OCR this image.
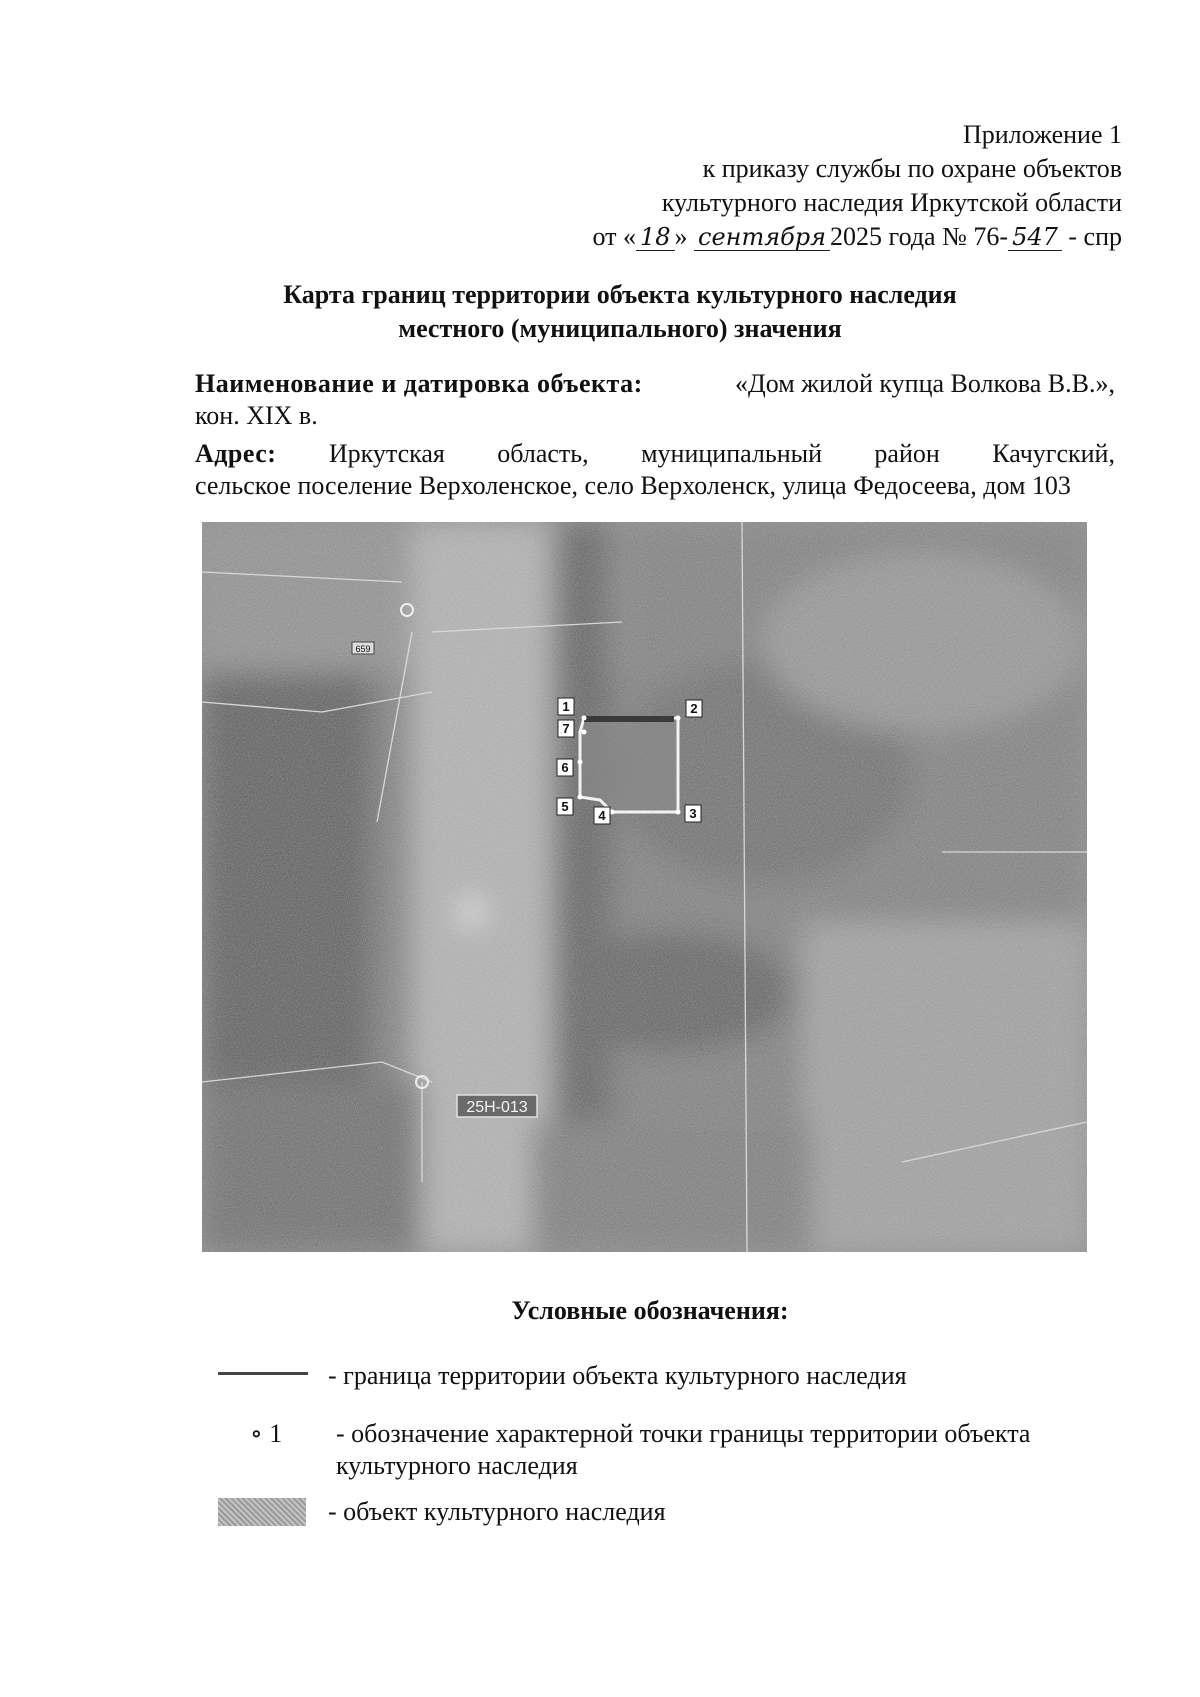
Приложение 1
к приказу службы по охране объектов
культурного наследия Иркутской области
от « 18 » сентября 2025 года № 76- 547 - спр
Карта границ территории объекта культурного наследия
местного (муниципального) значения
Наименование и датировка объекта:	«Дом жилой купца Волкова В.В.»,
кон. XIX в.
Адрес: Иркутская область, муниципальный район Качугский,
сельское поселение Верхоленское, село Верхоленск, улица Федосеева, дом 103
1	2
3
4
5
6
7
659
25Н-013
Условные обозначения:
- граница территории объекта культурного наследия
∘ 1 - обозначение характерной точки границы территории объекта
культурного наследия
- объект культурного наследия
